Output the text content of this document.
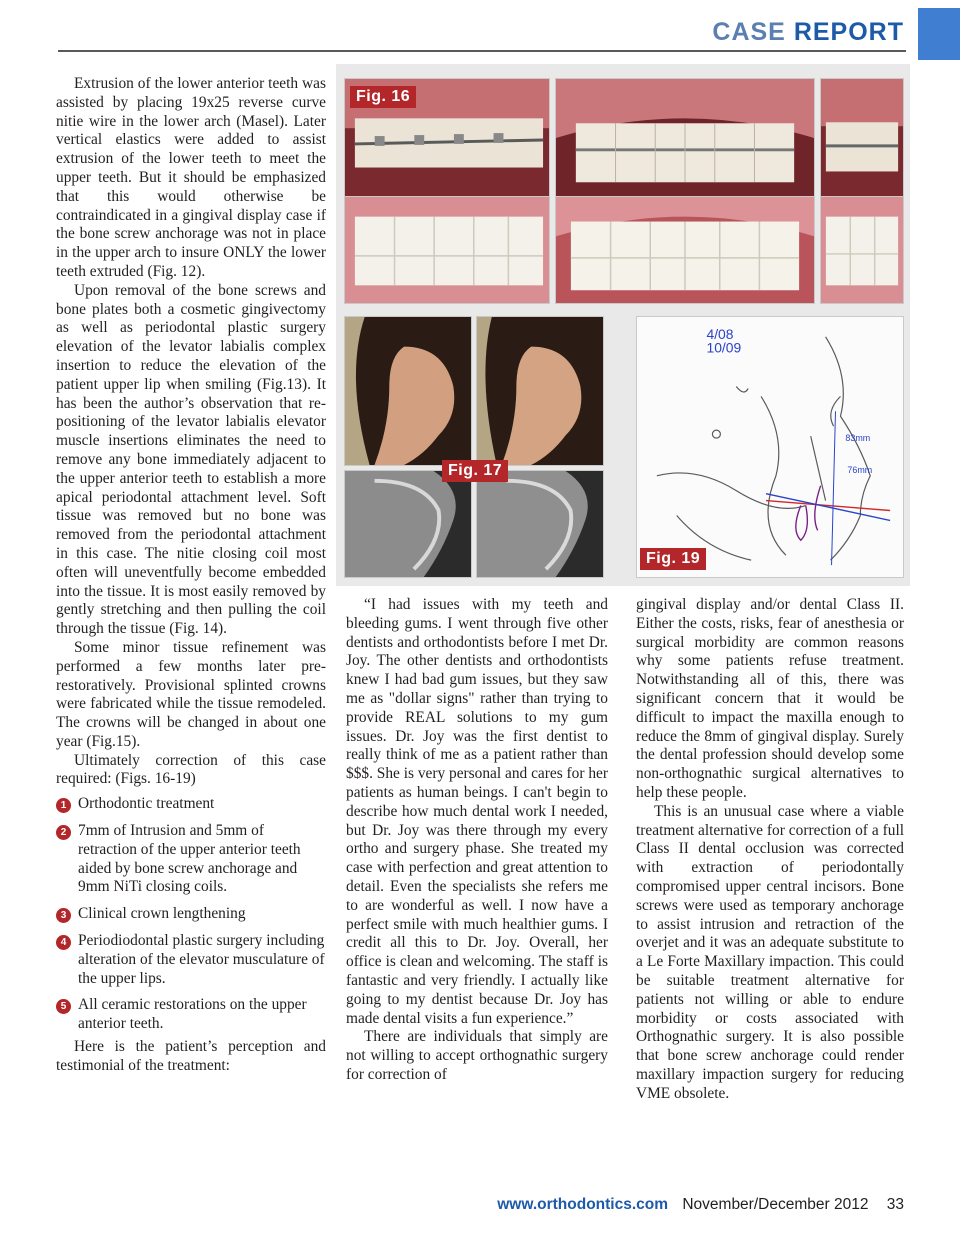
CASE REPORT
Fig. 16
Fig. 17
4/08 10/09
83mm
76mm
Fig. 19

Extrusion of the lower anterior teeth was assisted by placing 19x25 reverse curve nitie wire in the lower arch (Masel). Later vertical elastics were added to assist extrusion of the lower teeth to meet the upper teeth. But it should be emphasized that this would otherwise be contraindicated in a gingival display case if the bone screw anchorage was not in place in the upper arch to insure ONLY the lower teeth extruded (Fig. 12).

Upon removal of the bone screws and bone plates both a cosmetic gingivectomy as well as periodontal plastic surgery elevation of the levator labialis complex insertion to reduce the elevation of the patient upper lip when smiling (Fig.13). It has been the author’s observation that re-positioning of the levator labialis elevator muscle insertions eliminates the need to remove any bone immediately adjacent to the upper anterior teeth to establish a more apical periodontal attachment level. Soft tissue was removed but no bone was removed from the periodontal attachment in this case. The nitie closing coil most often will uneventfully become embedded into the tissue. It is most easily removed by gently stretching and then pulling the coil through the tissue (Fig. 14).

Some minor tissue refinement was performed a few months later pre-restoratively. Provisional splinted crowns were fabricated while the tissue remodeled. The crowns will be changed in about one year (Fig.15).

Ultimately correction of this case required: (Figs. 16-19)

1 Orthodontic treatment
2 7mm of Intrusion and 5mm of retraction of the upper anterior teeth aided by bone screw anchorage and 9mm NiTi closing coils.
3 Clinical crown lengthening
4 Periodiodontal plastic surgery including alteration of the elevator musculature of the upper lips.
5 All ceramic restorations on the upper anterior teeth.

Here is the patient’s perception and testimonial of the treatment:

“I had issues with my teeth and bleeding gums. I went through five other dentists and orthodontists before I met Dr. Joy. The other dentists and orthodontists knew I had bad gum issues, but they saw me as "dollar signs" rather than trying to provide REAL solutions to my gum issues. Dr. Joy was the first dentist to really think of me as a patient rather than $$$. She is very personal and cares for her patients as human beings. I can't begin to describe how much dental work I needed, but Dr. Joy was there through my every ortho and surgery phase. She treated my case with perfection and great attention to detail. Even the specialists she refers me to are wonderful as well. I now have a perfect smile with much healthier gums. I credit all this to Dr. Joy. Overall, her office is clean and welcoming. The staff is fantastic and very friendly. I actually like going to my dentist because Dr. Joy has made dental visits a fun experience.”

There are individuals that simply are not willing to accept orthognathic surgery for correction of

gingival display and/or dental Class II. Either the costs, risks, fear of anesthesia or surgical morbidity are common reasons why some patients refuse treatment. Notwithstanding all of this, there was significant concern that it would be difficult to impact the maxilla enough to reduce the 8mm of gingival display. Surely the dental profession should develop some non-orthognathic surgical alternatives to help these people.

This is an unusual case where a viable treatment alternative for correction of a full Class II dental occlusion was corrected with extraction of periodontally compromised upper central incisors. Bone screws were used as temporary anchorage to assist intrusion and retraction of the overjet and it was an adequate substitute to a Le Forte Maxillary impaction. This could be suitable treatment alternative for patients not willing or able to endure morbidity or costs associated with Orthognathic surgery. It is also possible that bone screw anchorage could render maxillary impaction surgery for reducing VME obsolete.

www.orthodontics.com November/December 2012 33
